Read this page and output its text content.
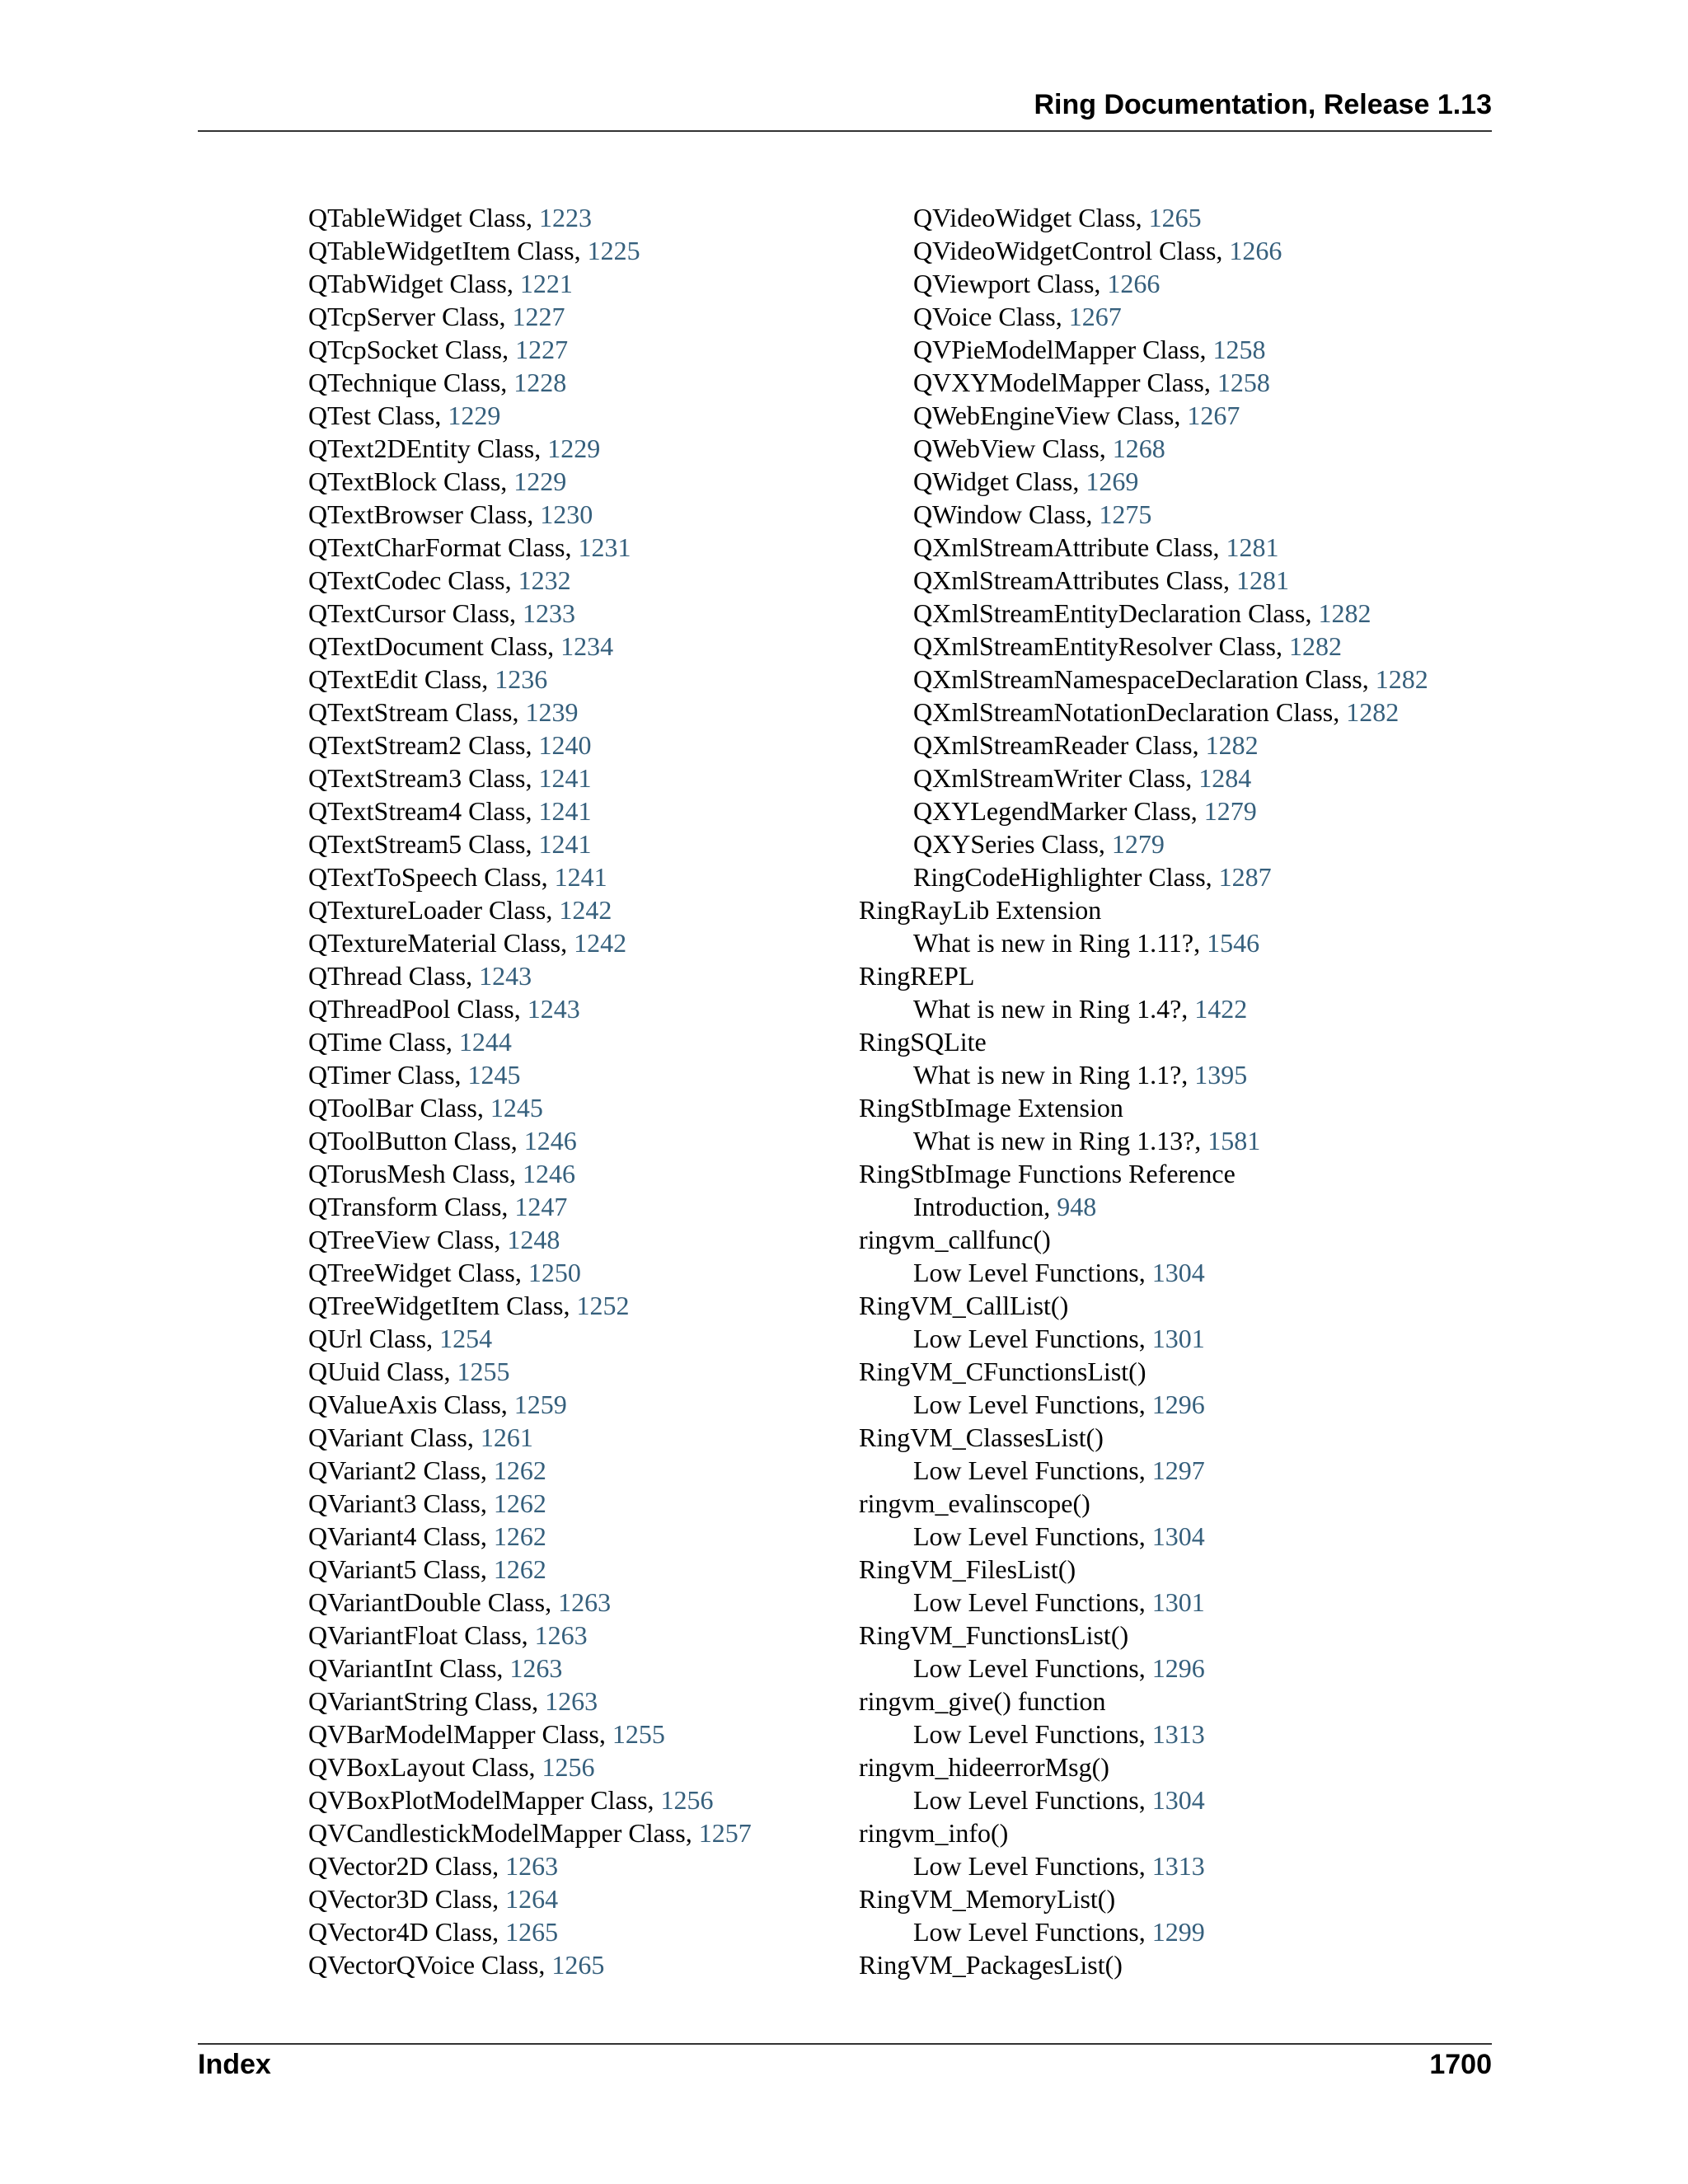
Ring Documentation, Release 1.13
QTableWidget Class, 1223
QTableWidgetItem Class, 1225
QTabWidget Class, 1221
QTcpServer Class, 1227
QTcpSocket Class, 1227
QTechnique Class, 1228
QTest Class, 1229
QText2DEntity Class, 1229
QTextBlock Class, 1229
QTextBrowser Class, 1230
QTextCharFormat Class, 1231
QTextCodec Class, 1232
QTextCursor Class, 1233
QTextDocument Class, 1234
QTextEdit Class, 1236
QTextStream Class, 1239
QTextStream2 Class, 1240
QTextStream3 Class, 1241
QTextStream4 Class, 1241
QTextStream5 Class, 1241
QTextToSpeech Class, 1241
QTextureLoader Class, 1242
QTextureMaterial Class, 1242
QThread Class, 1243
QThreadPool Class, 1243
QTime Class, 1244
QTimer Class, 1245
QToolBar Class, 1245
QToolButton Class, 1246
QTorusMesh Class, 1246
QTransform Class, 1247
QTreeView Class, 1248
QTreeWidget Class, 1250
QTreeWidgetItem Class, 1252
QUrl Class, 1254
QUuid Class, 1255
QValueAxis Class, 1259
QVariant Class, 1261
QVariant2 Class, 1262
QVariant3 Class, 1262
QVariant4 Class, 1262
QVariant5 Class, 1262
QVariantDouble Class, 1263
QVariantFloat Class, 1263
QVariantInt Class, 1263
QVariantString Class, 1263
QVBarModelMapper Class, 1255
QVBoxLayout Class, 1256
QVBoxPlotModelMapper Class, 1256
QVCandlestickModelMapper Class, 1257
QVector2D Class, 1263
QVector3D Class, 1264
QVector4D Class, 1265
QVectorQVoice Class, 1265
QVideoWidget Class, 1265
QVideoWidgetControl Class, 1266
QViewport Class, 1266
QVoice Class, 1267
QVPieModelMapper Class, 1258
QVXYModelMapper Class, 1258
QWebEngineView Class, 1267
QWebView Class, 1268
QWidget Class, 1269
QWindow Class, 1275
QXmlStreamAttribute Class, 1281
QXmlStreamAttributes Class, 1281
QXmlStreamEntityDeclaration Class, 1282
QXmlStreamEntityResolver Class, 1282
QXmlStreamNamespaceDeclaration Class, 1282
QXmlStreamNotationDeclaration Class, 1282
QXmlStreamReader Class, 1282
QXmlStreamWriter Class, 1284
QXYLegendMarker Class, 1279
QXYSeries Class, 1279
RingCodeHighlighter Class, 1287
RingRayLib Extension
What is new in Ring 1.11?, 1546
RingREPL
What is new in Ring 1.4?, 1422
RingSQLite
What is new in Ring 1.1?, 1395
RingStbImage Extension
What is new in Ring 1.13?, 1581
RingStbImage Functions Reference
Introduction, 948
ringvm_callfunc()
Low Level Functions, 1304
RingVM_CallList()
Low Level Functions, 1301
RingVM_CFunctionsList()
Low Level Functions, 1296
RingVM_ClassesList()
Low Level Functions, 1297
ringvm_evalinscope()
Low Level Functions, 1304
RingVM_FilesList()
Low Level Functions, 1301
RingVM_FunctionsList()
Low Level Functions, 1296
ringvm_give() function
Low Level Functions, 1313
ringvm_hideerrorMsg()
Low Level Functions, 1304
ringvm_info()
Low Level Functions, 1313
RingVM_MemoryList()
Low Level Functions, 1299
RingVM_PackagesList()
Index	1700
